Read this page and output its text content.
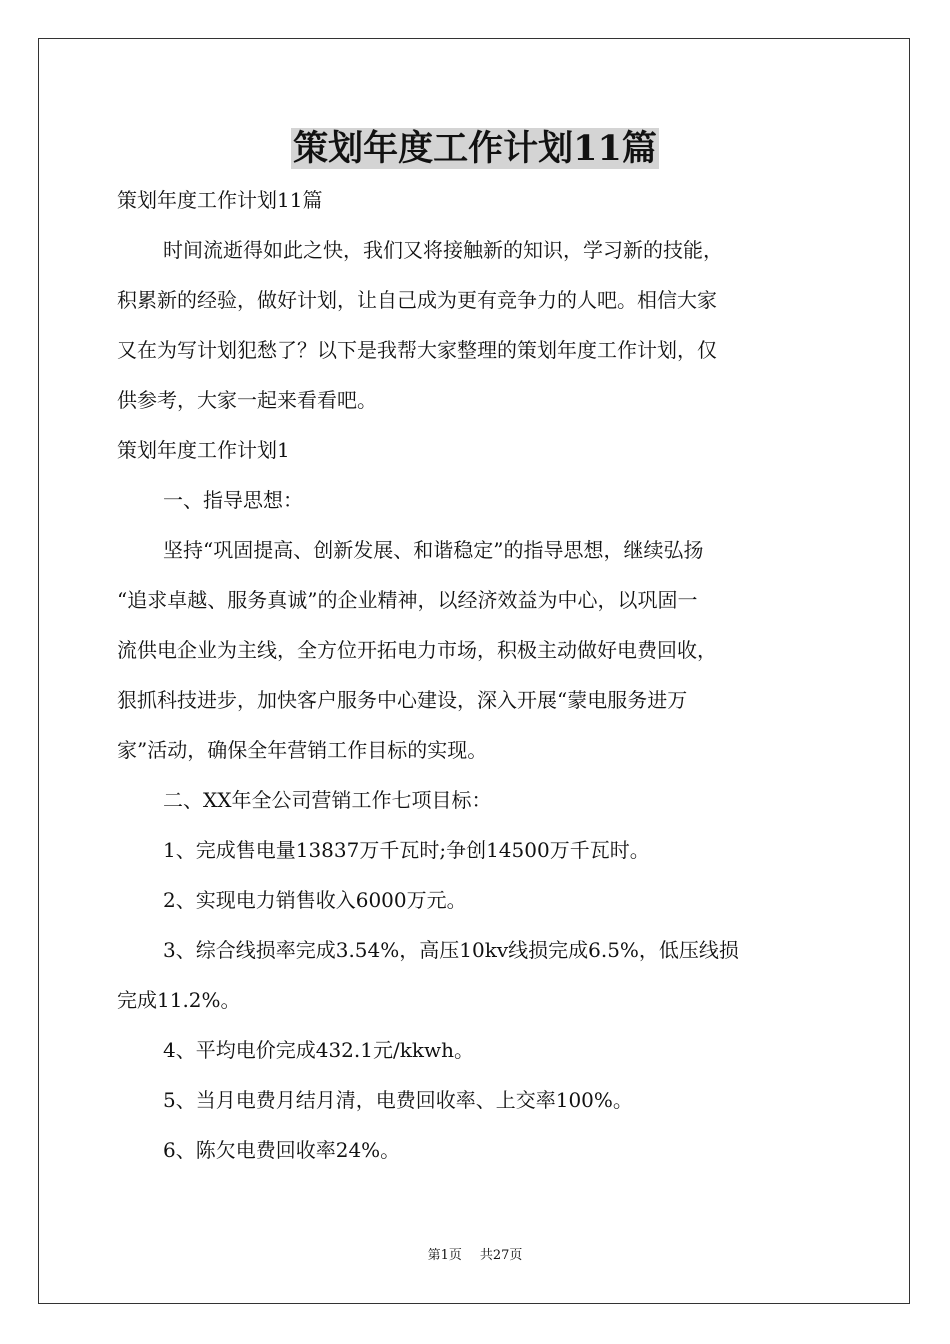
策划年度工作计划11篇

策划年度工作计划11篇

时间流逝得如此之快，我们又将接触新的知识，学习新的技能，

积累新的经验，做好计划，让自己成为更有竞争力的人吧。相信大家

又在为写计划犯愁了？以下是我帮大家整理的策划年度工作计划，仅

供参考，大家一起来看看吧。

策划年度工作计划1

一、指导思想：

坚持“巩固提高、创新发展、和谐稳定”的指导思想，继续弘扬

“追求卓越、服务真诚”的企业精神，以经济效益为中心，以巩固一

流供电企业为主线，全方位开拓电力市场，积极主动做好电费回收，

狠抓科技进步，加快客户服务中心建设，深入开展“蒙电服务进万

家”活动，确保全年营销工作目标的实现。

二、XX年全公司营销工作七项目标：

1、完成售电量13837万千瓦时;争创14500万千瓦时。

2、实现电力销售收入6000万元。

3、综合线损率完成3.54%，高压10kv线损完成6.5%，低压线损

完成11.2%。

4、平均电价完成432.1元/kkwh。

5、当月电费月结月清，电费回收率、上交率100%。

6、陈欠电费回收率24%。

第1页 共27页
